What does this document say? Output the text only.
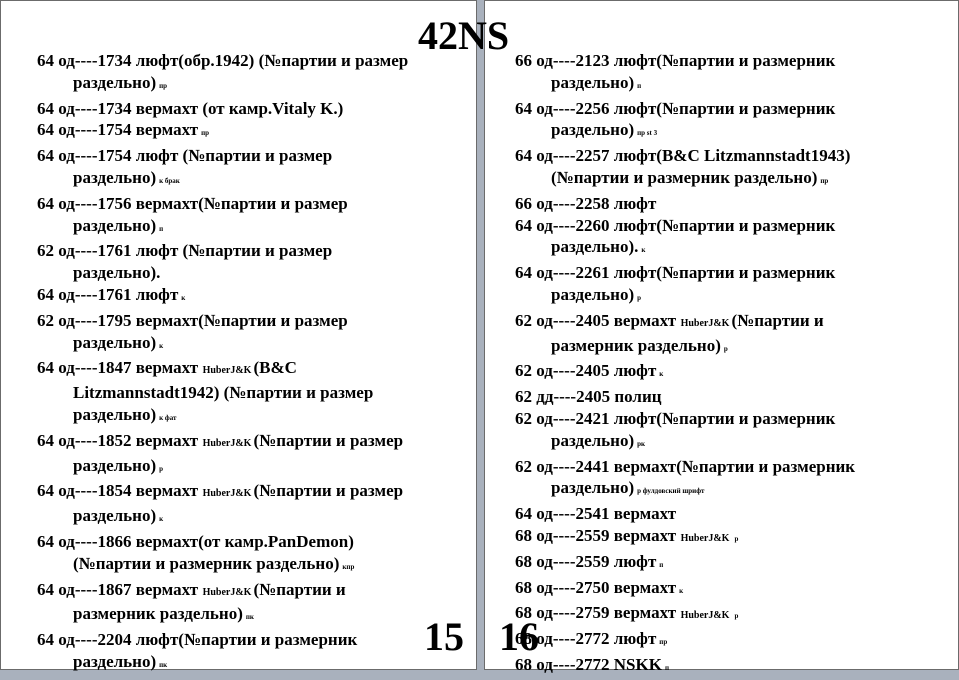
64 од----1734 люфт(обр.1942) (№партии и размер раздельно) пр
64 од----1734 вермахт (от камр.Vitaly K.)
64 од----1754 вермахт пр
64 од----1754 люфт (№партии и размер раздельно) к брак
64 од----1756 вермахт(№партии и размер раздельно) п
62 од----1761 люфт (№партии и размер раздельно).
64 од----1761 люфт к
62 од----1795 вермахт(№партии и размер раздельно) к
64 од----1847 вермахт HuberJ&K (B&C Litzmannstadt1942) (№партии и размер раздельно) к фат
64 од----1852 вермахт HuberJ&K (№партии и размер раздельно) р
64 од----1854 вермахт HuberJ&K (№партии и размер раздельно) к
64 од----1866 вермахт(от камр.PanDemon) (№партии и размерник раздельно) кпр
64 од----1867 вермахт HuberJ&K (№партии и размерник раздельно) пк
64 од----2204 люфт(№партии и размерник раздельно) пк
15
66 од----2123 люфт(№партии и размерник раздельно) п
64 од----2256 люфт(№партии и размерник раздельно) пр st 3
64 од----2257 люфт(B&C Litzmannstadt1943) (№партии и размерник раздельно) пр
66 од----2258 люфт
64 од----2260 люфт(№партии и размерник раздельно). к
64 од----2261 люфт(№партии и размерник раздельно) р
62 од----2405 вермахт HuberJ&K (№партии и размерник раздельно) р
62 од----2405 люфт к
62 дд----2405 полиц
62 од----2421 люфт(№партии и размерник раздельно) рк
62 од----2441 вермахт(№партии и размерник раздельно) р фулдовский шрифт
64 од----2541 вермахт
68 од----2559 вермахт HuberJ&K р
68 од----2559 люфт п
68 од----2750 вермахт к
68 од----2759 вермахт HuberJ&K р
68 од----2772 люфт пр
68 од----2772 NSKK п
16
42NS
